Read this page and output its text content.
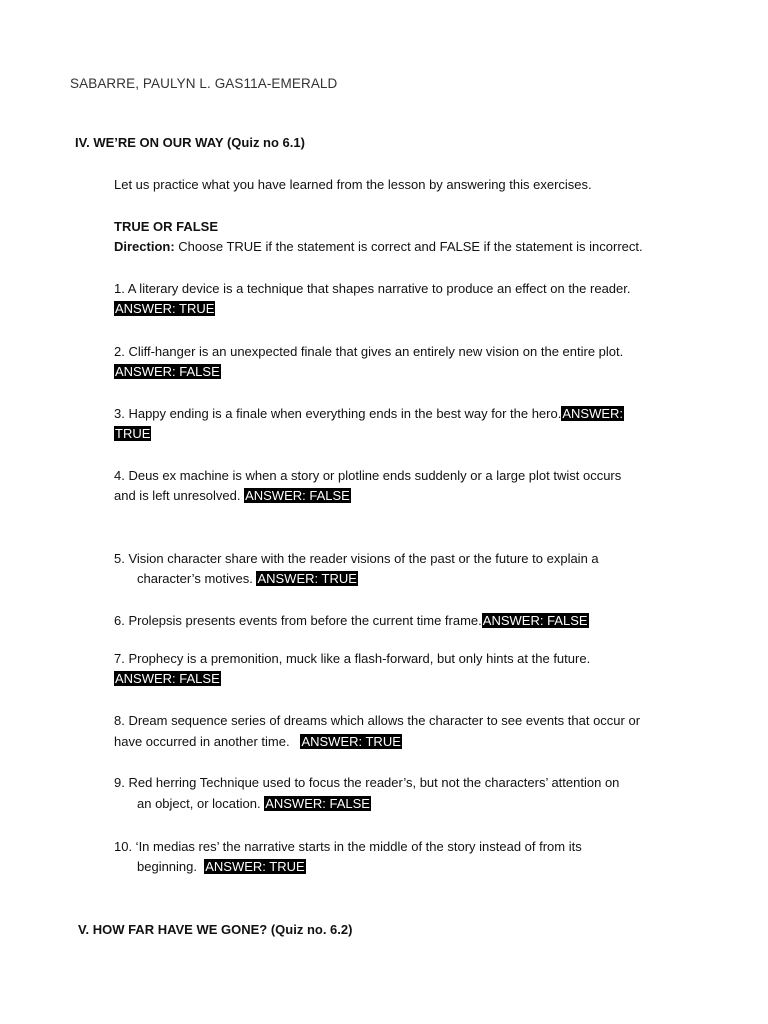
SABARRE, PAULYN L. GAS11A-EMERALD
IV. WE’RE ON OUR WAY (Quiz no 6.1)
Let us practice what you have learned from the lesson by answering this exercises.
TRUE OR FALSE
Direction: Choose TRUE if the statement is correct and FALSE if the statement is incorrect.
1. A literary device is a technique that shapes narrative to produce an effect on the reader.
ANSWER: TRUE
2. Cliff-hanger is an unexpected finale that gives an entirely new vision on the entire plot.
ANSWER: FALSE
3. Happy ending is a finale when everything ends in the best way for the hero.ANSWER:
TRUE
4. Deus ex machine is when a story or plotline ends suddenly or a large plot twist occurs
and is left unresolved. ANSWER: FALSE
5. Vision character share with the reader visions of the past or the future to explain a
character’s motives. ANSWER: TRUE
6. Prolepsis presents events from before the current time frame.ANSWER: FALSE
7. Prophecy is a premonition, muck like a flash-forward, but only hints at the future.
ANSWER: FALSE
8. Dream sequence series of dreams which allows the character to see events that occur or
have occurred in another time.   ANSWER: TRUE
9. Red herring Technique used to focus the reader’s, but not the characters’ attention on
an object, or location. ANSWER: FALSE
10. ‘In medias res’ the narrative starts in the middle of the story instead of from its
beginning.  ANSWER: TRUE
V. HOW FAR HAVE WE GONE? (Quiz no. 6.2)
